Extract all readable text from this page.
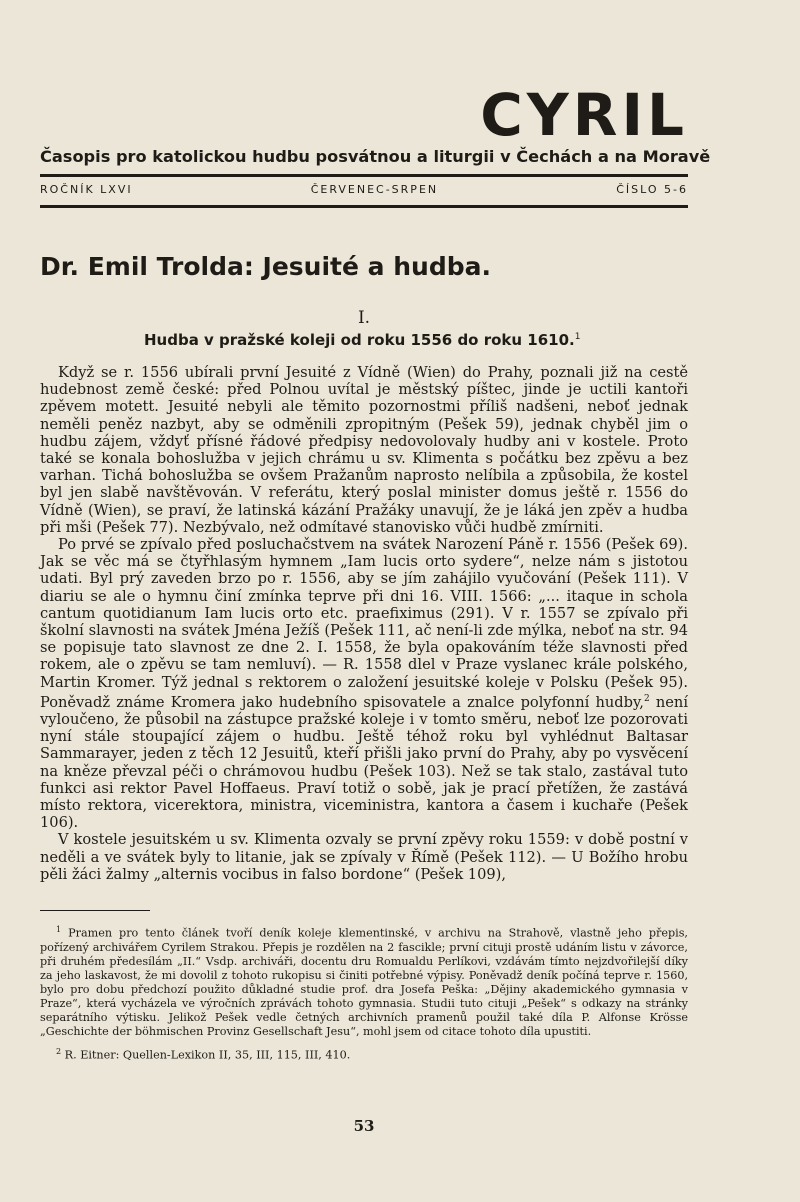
CYRIL
Časopis pro katolickou hudbu posvátnou a liturgii v Čechách a na Moravě
ROČNÍK LXVI	ČERVENEC-SRPEN	ČÍSLO 5-6
Dr. Emil Trolda: Jesuité a hudba.
I.
Hudba v pražské koleji od roku 1556 do roku 1610.$^1$

Když se r. 1556 ubírali první Jesuité z Vídně (Wien) do Prahy, poznali již na cestě hudebnost země české: před Polnou uvítal je městský píštec, jinde je uctili kantoři zpěvem motett. Jesuité nebyli ale těmito pozornostmi příliš nadšeni, neboť jednak neměli peněz nazbyt, aby se odměnili zpropitným (Pešek 59), jednak chyběl jim o hudbu zájem, vždyť přísné řádové předpisy nedovolovaly hudby ani v kostele. Proto také se konala bohoslužba v jejich chrámu u sv. Klimenta s počátku bez zpěvu a bez varhan. Tichá bohoslužba se ovšem Pražanům naprosto nelíbila a způsobila, že kostel byl jen slabě navštěvován. V referátu, který poslal minister domus ještě r. 1556 do Vídně (Wien), se praví, že latinská kázání Pražáky unavují, že je láká jen zpěv a hudba při mši (Pešek 77). Nezbývalo, než odmítavé stanovisko vůči hudbě zmírniti.

Po prvé se zpívalo před posluchačstvem na svátek Narození Páně r. 1556 (Pešek 69). Jak se věc má se čtyřhlasým hymnem „Iam lucis orto sydere“, nelze nám s jistotou udati. Byl prý zaveden brzo po r. 1556, aby se jím zahájilo vyučování (Pešek 111). V diariu se ale o hymnu činí zmínka teprve při dni 16. VIII. 1566: „... itaque in schola cantum quotidianum Iam lucis orto etc. praefiximus (291). V r. 1557 se zpívalo při školní slavnosti na svátek Jména Ježíš (Pešek 111, ač není-li zde mýlka, neboť na str. 94 se popisuje tato slavnost ze dne 2. I. 1558, že byla opakováním téže slavnosti před rokem, ale o zpěvu se tam nemluví). — R. 1558 dlel v Praze vyslanec krále polského, Martin Kromer. Týž jednal s rektorem o založení jesuitské koleje v Polsku (Pešek 95). Poněvadž známe Kromera jako hudebního spisovatele a znalce polyfonní hudby,$^2$ není vyloučeno, že působil na zástupce pražské koleje i v tomto směru, neboť lze pozorovati nyní stále stoupající zájem o hudbu. Ještě téhož roku byl vyhlédnut Baltasar Sammarayer, jeden z těch 12 Jesuitů, kteří přišli jako první do Prahy, aby po vysvěcení na kněze převzal péči o chrámovou hudbu (Pešek 103). Než se tak stalo, zastával tuto funkci asi rektor Pavel Hoffaeus. Praví totiž o sobě, jak je prací přetížen, že zastává místo rektora, vicerektora, ministra, viceministra, kantora a časem i kuchaře (Pešek 106).

V kostele jesuitském u sv. Klimenta ozvaly se první zpěvy roku 1559: v době postní v neděli a ve svátek byly to litanie, jak se zpívaly v Římě (Pešek 112). — U Božího hrobu pěli žáci žalmy „alternis vocibus in falso bordone“ (Pešek 109),

$^1$ Pramen pro tento článek tvoří deník koleje klementinské, v archivu na Strahově, vlastně jeho přepis, pořízený archivářem Cyrilem Strakou. Přepis je rozdělen na 2 fascikle; první cituji prostě udáním listu v závorce, při druhém předesílám „II.“ Vsdp. archiváři, docentu dru Romualdu Perlíkovi, vzdávám tímto nejzdvořilejší díky za jeho laskavost, že mi dovolil z tohoto rukopisu si činiti potřebné výpisy. Poněvadž deník počíná teprve r. 1560, bylo pro dobu předchozí použito důkladné studie prof. dra Josefa Peška: „Dějiny akademického gymnasia v Praze“, která vycházela ve výročních zprávách tohoto gymnasia. Studii tuto cituji „Pešek“ s odkazy na stránky separátního výtisku. Jelikož Pešek vedle četných archivních pramenů použil také díla P. Alfonse Krösse „Geschichte der böhmischen Provinz Gesellschaft Jesu“, mohl jsem od citace tohoto díla upustiti.

$^2$ R. Eitner: Quellen-Lexikon II, 35, III, 115, III, 410.

53
